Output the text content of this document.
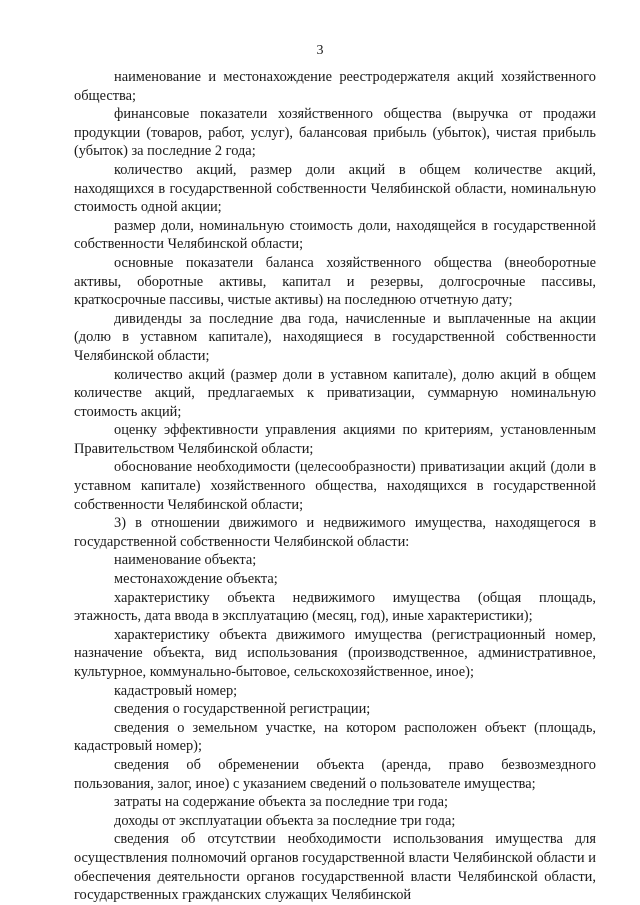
3

наименование и местонахождение реестродержателя акций хозяйственного общества;

финансовые показатели хозяйственного общества (выручка от продажи продукции (товаров, работ, услуг), балансовая прибыль (убыток), чистая прибыль (убыток) за последние 2 года;

количество акций, размер доли акций в общем количестве акций, находящихся в государственной собственности Челябинской области, номинальную стоимость одной акции;

размер доли, номинальную стоимость доли, находящейся в государственной собственности Челябинской области;

основные показатели баланса хозяйственного общества (внеоборотные активы, оборотные активы, капитал и резервы, долгосрочные пассивы, краткосрочные пассивы, чистые активы) на последнюю отчетную дату;

дивиденды за последние два года, начисленные и выплаченные на акции (долю в уставном капитале), находящиеся в государственной собственности Челябинской области;

количество акций (размер доли в уставном капитале), долю акций в общем количестве акций, предлагаемых к приватизации, суммарную номинальную стоимость акций;

оценку эффективности управления акциями по критериям, установленным Правительством Челябинской области;

обоснование необходимости (целесообразности) приватизации акций (доли в уставном капитале) хозяйственного общества, находящихся в государственной собственности Челябинской области;

3) в отношении движимого и недвижимого имущества, находящегося в государственной собственности Челябинской области:

наименование объекта;

местонахождение объекта;

характеристику объекта недвижимого имущества (общая площадь, этажность, дата ввода в эксплуатацию (месяц, год), иные характеристики);

характеристику объекта движимого имущества (регистрационный номер, назначение объекта, вид использования (производственное, административное, культурное, коммунально-бытовое, сельскохозяйственное, иное);

кадастровый номер;

сведения о государственной регистрации;

сведения о земельном участке, на котором расположен объект (площадь, кадастровый номер);

сведения об обременении объекта (аренда, право безвозмездного пользования, залог, иное) с указанием сведений о пользователе имущества;

затраты на содержание объекта за последние три года;

доходы от эксплуатации объекта за последние три года;

сведения об отсутствии необходимости использования имущества для осуществления полномочий органов государственной власти Челябинской области и обеспечения деятельности органов государственной власти Челябинской области, государственных гражданских служащих Челябинской
